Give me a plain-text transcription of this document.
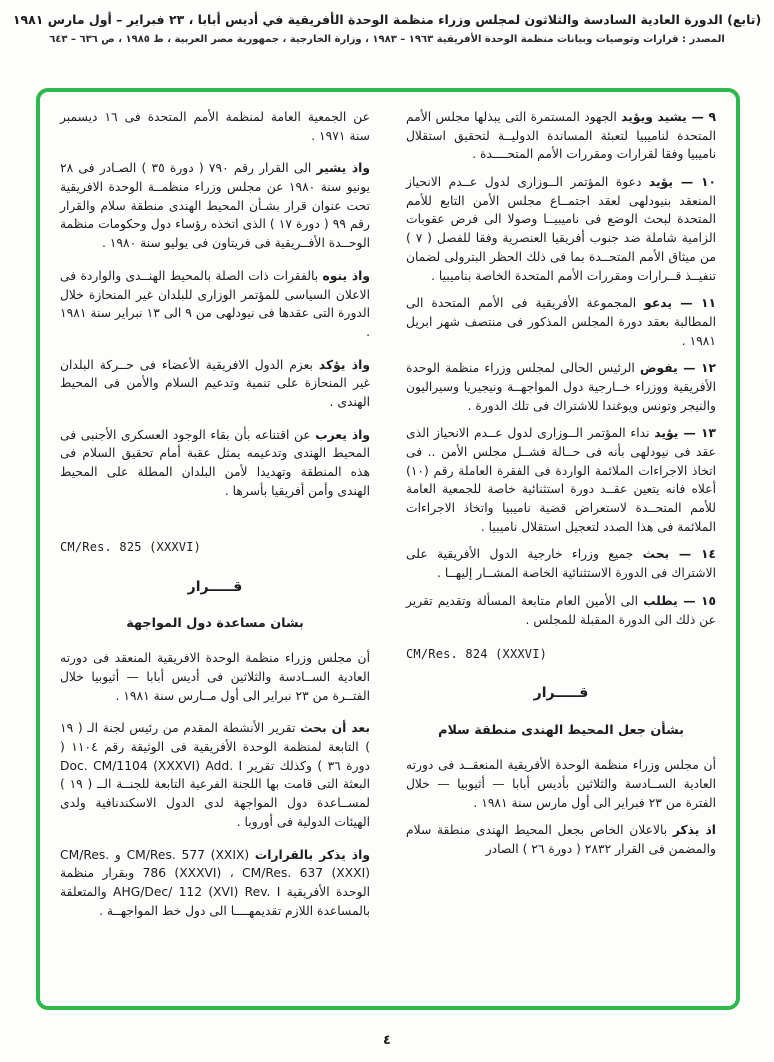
(تابع) الدورة العادية السادسة والثلاثون لمجلس وزراء منظمة الوحدة الأفريقية في أديس أبابا ، ٢٣ فبراير – أول مارس ١٩٨١
المصدر : قرارات وتوصيات وبيانات منظمة الوحدة الأفريقية ١٩٦٣ – ١٩٨٣ ، وزارة الخارجية ، جمهورية مصر العربية ، ط ١٩٨٥ ، ص ٦٣٦ – ٦٤٣

٩ — يشيد ويؤيد الجهود المستمرة التى يبذلها مجلس الأمم المتحدة لناميبيا لتعبئة المساندة الدوليــة لتحقيق استقلال ناميبيا وفقا لقرارات ومقررات الأمم المتحــــدة .

١٠ — يؤيد دعوة المؤتمر الــوزارى لدول عــدم الانحياز المنعقد بنيودلهى لعقد اجتمــاع مجلس الأمن التابع للأمم المتحدة لبحث الوضع فى ناميبيــا وصولا الى فرض عقوبات الزامية شاملة ضد جنوب أفريقيا العنصرية وفقا للفصل ( ٧ ) من ميثاق الأمم المتحــدة بما فى ذلك الحظر البترولى لضمان تنفيــذ قــرارات ومقررات الأمم المتحدة الخاصة بناميبيا .

١١ — يدعو المجموعة الأفريقية فى الأمم المتحدة الى المطالبة بعقد دورة المجلس المذكور فى منتصف شهر ابريل ١٩٨١ .

١٢ — يفوض الرئيس الحالى لمجلس وزراء منظمة الوحدة الأفريقية ووزراء خــارجية دول المواجهــة ونيجيريا وسيراليون والنيجر وتونس ويوغندا للاشتراك فى تلك الدورة .

١٣ — يؤيد نداء المؤتمر الــوزارى لدول عــدم الانحياز الذى عقد فى نيودلهى بأنه فى حــالة فشــل مجلس الأمن .. فى اتخاذ الاجراءات الملائمة الواردة فى الفقرة العاملة رقم (١٠) أعلاه فانه يتعين عقــد دورة استثنائية خاصة للجمعية العامة للأمم المتحــدة لاستعراض قضية ناميبيا واتخاذ الاجراءات الملائمة فى هذا الصدد لتعجيل استقلال ناميبيا .

١٤ — بحث جميع وزراء خارجية الدول الأفريقية على الاشتراك فى الدورة الاستثنائية الخاصة المشــار إليهــا .

١٥ — يطلب الى الأمين العام متابعة المسألة وتقديم تقرير عن ذلك الى الدورة المقبلة للمجلس .

CM/Res. 824 (XXXVI)

قـــــرار

بشأن جعل المحيط الهندى منطقة سلام

أن مجلس وزراء منظمة الوحدة الأفريقية المنعقــد فى دورته العادية الســادسة والثلاثين بأديس أبابا — أثيوبيا — خلال الفترة من ٢٣ فبراير الى أول مارس سنة ١٩٨١ .

اذ يذكر بالاعلان الخاص بجعل المحيط الهندى منطقة سلام والمضمن فى القرار ٢٨٣٢ ( دورة ٢٦ ) الصادر

عن الجمعية العامة لمنظمة الأمم المتحدة فى ١٦ ديسمبر سنة ١٩٧١ .

واذ يشير الى القرار رقم ٧٩٠ ( دورة ٣٥ ) الصـادر فى ٢٨ يونيو سنة ١٩٨٠ عن مجلس وزراء منظمــة الوحدة الافريقية تحت عنوان قرار بشـأن المحيط الهندى منطقة سلام والقرار رقم ٩٩ ( دورة ١٧ ) الذى اتخذه رؤساء دول وحكومات منظمة الوحــدة الأفــريقية فى فريتاون فى يوليو سنة ١٩٨٠ .

واذ ينوه بالفقرات ذات الصلة بالمحيط الهنــدى والواردة فى الاعلان السياسى للمؤتمر الوزارى للبلدان غير المنحازة خلال الدورة التى عقدها فى نيودلهى من ٩ الى ١٣ نبراير سنة ١٩٨١ .

واذ يؤكد بعزم الدول الافريقية الأعضاء فى حــركة البلدان غير المنحازة على تنمية وتدعيم السلام والأمن فى المحيط الهندى .

واذ يعرب عن اقتناعه بأن بقاء الوجود العسكرى الأجنبى فى المحيط الهندى وتدعيمه يمثل عقبة أمام تحقيق السلام فى هذه المنطقة وتهديدا لأمن البلدان المطلة على المحيط الهندى وأمن أفريقيا بأسرها .

CM/Res. 825 (XXXVI)

قـــــرار

بشان مساعدة دول المواجهة

أن مجلس وزراء منظمة الوحدة الافريقية المنعقد فى دورته العادية الســادسة والثلاثين فى أديس أبابا — أثيوبيا خلال الفتــرة من ٢٣ نبراير الى أول مــارس سنة ١٩٨١ .

بعد أن بحث تقرير الأنشطة المقدم من رئيس لجنة الـ ( ١٩ ) التابعة لمنظمة الوحدة الأفريقية فى الوثيقة رقم ١١٠٤ ( دورة ٣٦ ) وكذلك تقرير Doc. CM/1104 (XXXVI) Add. I البعثة التى قامت بها اللجنة الفرعية التابعة للجنــة الــ ( ١٩ ) لمســاعدة دول المواجهة لدى الدول الاسكندنافية ولدى الهيئات الدولية فى أوروبا .

واذ يذكر بالقرارات CM/Res. 577 (XXIX) و CM/Res. 786 (XXXVI) ، CM/Res. 637 (XXXI) وبقرار منظمة الوحدة الأفريقية AHG/Dec/ 112 (XVI) Rev. I والمتعلقة بالمساعدة اللازم تقديمهــــا الى دول خط المواجهــة .

٤
